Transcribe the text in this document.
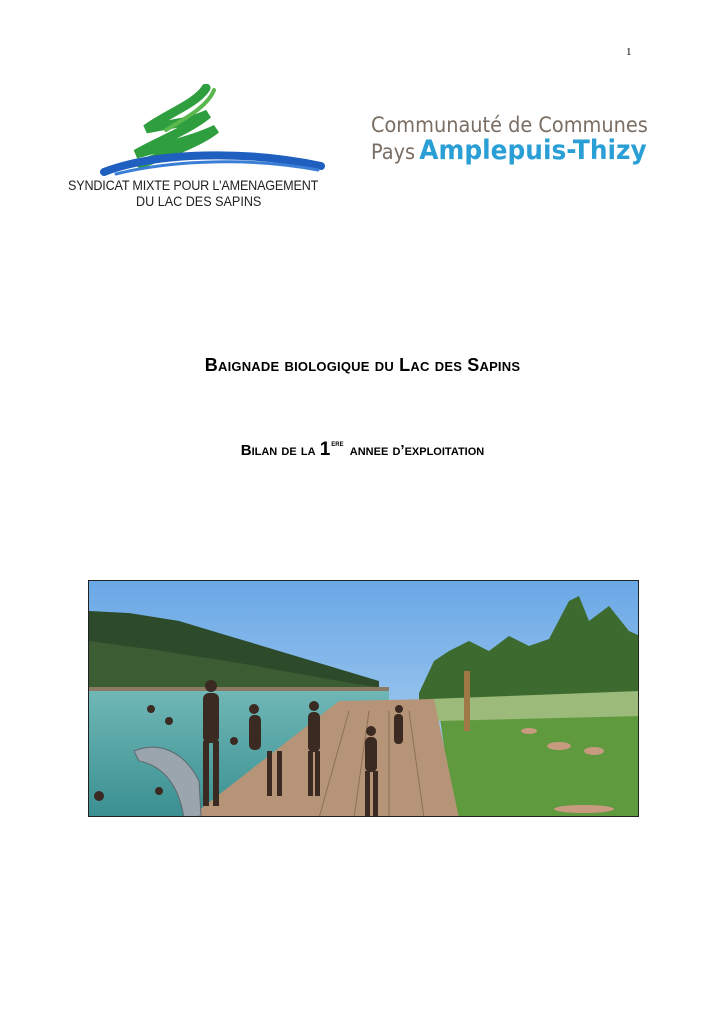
1
SYNDICAT MIXTE POUR L'AMENAGEMENT
DU LAC DES SAPINS
Communauté de Communes
Pays Amplepuis-Thizy
Baignade biologique du Lac des Sapins
Bilan de la 1ere annee d’exploitation
